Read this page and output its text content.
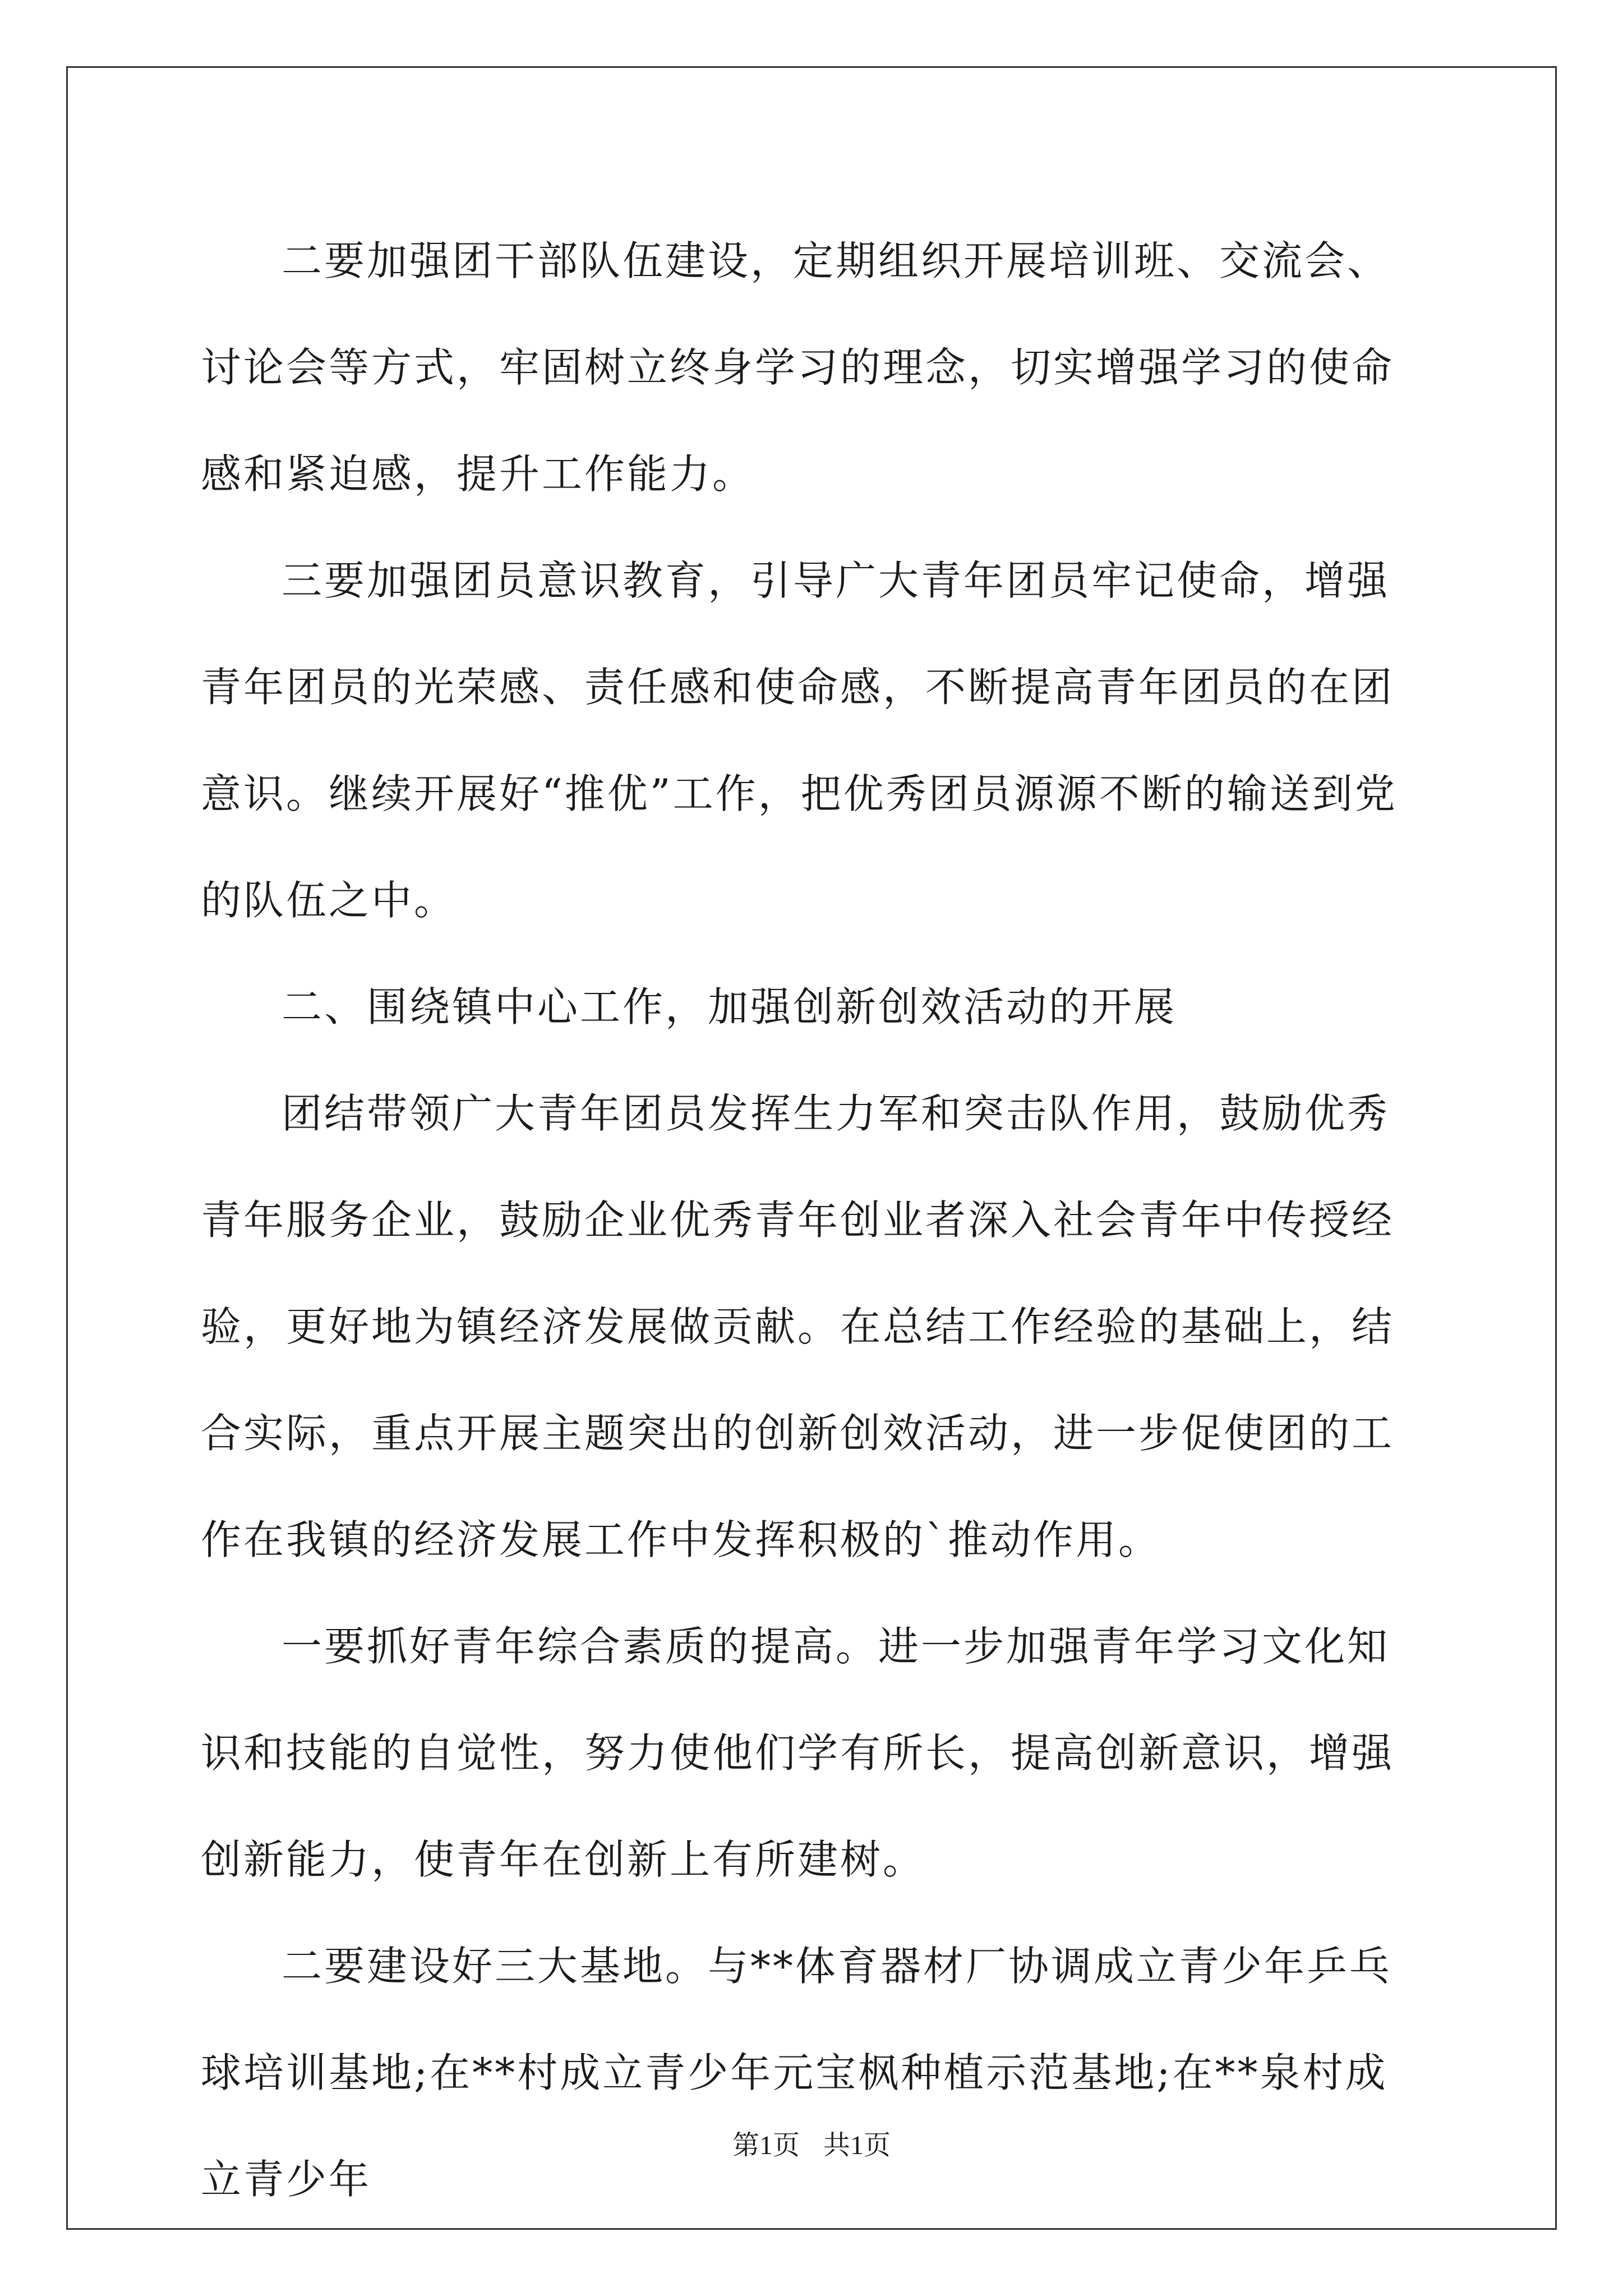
二要加强团干部队伍建设，定期组织开展培训班、交流会、讨论会等方式，牢固树立终身学习的理念，切实增强学习的使命感和紧迫感，提升工作能力。

三要加强团员意识教育，引导广大青年团员牢记使命，增强青年团员的光荣感、责任感和使命感，不断提高青年团员的在团意识。继续开展好“推优”工作，把优秀团员源源不断的输送到党的队伍之中。

二、围绕镇中心工作，加强创新创效活动的开展

团结带领广大青年团员发挥生力军和突击队作用，鼓励优秀青年服务企业，鼓励企业优秀青年创业者深入社会青年中传授经验，更好地为镇经济发展做贡献。在总结工作经验的基础上，结合实际，重点开展主题突出的创新创效活动，进一步促使团的工作在我镇的经济发展工作中发挥积极的`推动作用。

一要抓好青年综合素质的提高。进一步加强青年学习文化知识和技能的自觉性，努力使他们学有所长，提高创新意识，增强创新能力，使青年在创新上有所建树。

二要建设好三大基地。与**体育器材厂协调成立青少年乒乓球培训基地;在**村成立青少年元宝枫种植示范基地;在**泉村成立青少年

第1页 共1页
